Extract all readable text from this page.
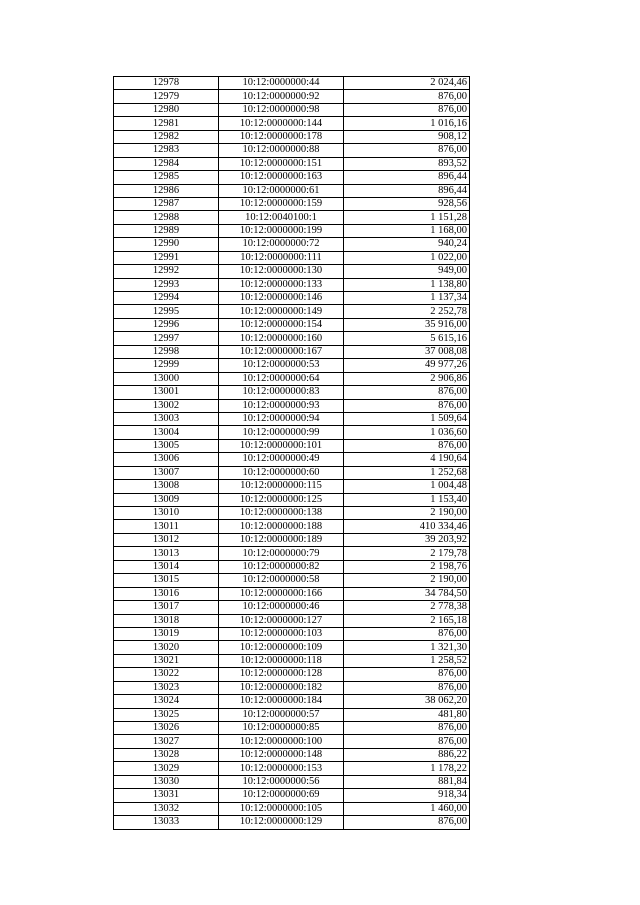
12978	10:12:0000000:44	2 024,46
12979	10:12:0000000:92	876,00
12980	10:12:0000000:98	876,00
12981	10:12:0000000:144	1 016,16
12982	10:12:0000000:178	908,12
12983	10:12:0000000:88	876,00
12984	10:12:0000000:151	893,52
12985	10:12:0000000:163	896,44
12986	10:12:0000000:61	896,44
12987	10:12:0000000:159	928,56
12988	10:12:0040100:1	1 151,28
12989	10:12:0000000:199	1 168,00
12990	10:12:0000000:72	940,24
12991	10:12:0000000:111	1 022,00
12992	10:12:0000000:130	949,00
12993	10:12:0000000:133	1 138,80
12994	10:12:0000000:146	1 137,34
12995	10:12:0000000:149	2 252,78
12996	10:12:0000000:154	35 916,00
12997	10:12:0000000:160	5 615,16
12998	10:12:0000000:167	37 008,08
12999	10:12:0000000:53	49 977,26
13000	10:12:0000000:64	2 906,86
13001	10:12:0000000:83	876,00
13002	10:12:0000000:93	876,00
13003	10:12:0000000:94	1 509,64
13004	10:12:0000000:99	1 036,60
13005	10:12:0000000:101	876,00
13006	10:12:0000000:49	4 190,64
13007	10:12:0000000:60	1 252,68
13008	10:12:0000000:115	1 004,48
13009	10:12:0000000:125	1 153,40
13010	10:12:0000000:138	2 190,00
13011	10:12:0000000:188	410 334,46
13012	10:12:0000000:189	39 203,92
13013	10:12:0000000:79	2 179,78
13014	10:12:0000000:82	2 198,76
13015	10:12:0000000:58	2 190,00
13016	10:12:0000000:166	34 784,50
13017	10:12:0000000:46	2 778,38
13018	10:12:0000000:127	2 165,18
13019	10:12:0000000:103	876,00
13020	10:12:0000000:109	1 321,30
13021	10:12:0000000:118	1 258,52
13022	10:12:0000000:128	876,00
13023	10:12:0000000:182	876,00
13024	10:12:0000000:184	38 062,20
13025	10:12:0000000:57	481,80
13026	10:12:0000000:85	876,00
13027	10:12:0000000:100	876,00
13028	10:12:0000000:148	886,22
13029	10:12:0000000:153	1 178,22
13030	10:12:0000000:56	881,84
13031	10:12:0000000:69	918,34
13032	10:12:0000000:105	1 460,00
13033	10:12:0000000:129	876,00
